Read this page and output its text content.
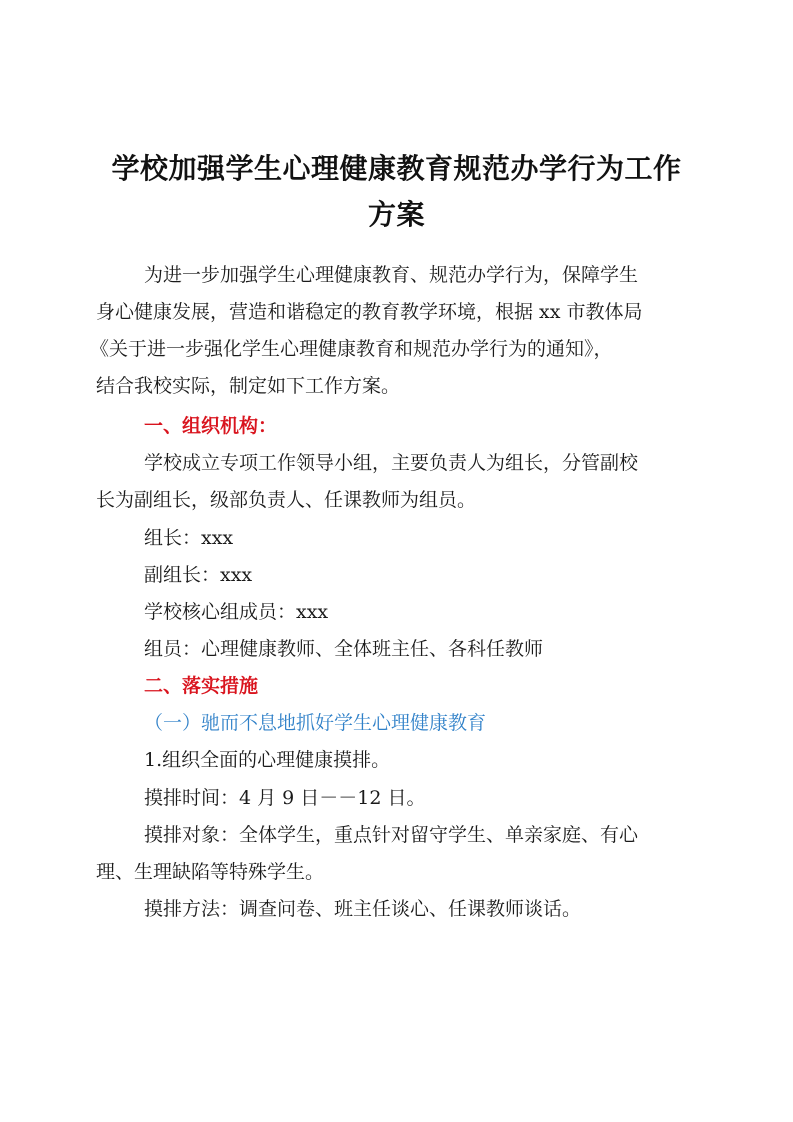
学校加强学生心理健康教育规范办学行为工作
方案

为进一步加强学生心理健康教育、规范办学行为，保障学生

身心健康发展，营造和谐稳定的教育教学环境，根据 xx 市教体局

《关于进一步强化学生心理健康教育和规范办学行为的通知》，

结合我校实际，制定如下工作方案。

一、组织机构：

学校成立专项工作领导小组，主要负责人为组长，分管副校

长为副组长，级部负责人、任课教师为组员。

组长：xxx

副组长：xxx

学校核心组成员：xxx

组员：心理健康教师、全体班主任、各科任教师

二、落实措施

（一）驰而不息地抓好学生心理健康教育

1.组织全面的心理健康摸排。

摸排时间：4 月 9 日－－12 日。

摸排对象：全体学生，重点针对留守学生、单亲家庭、有心

理、生理缺陷等特殊学生。

摸排方法：调查问卷、班主任谈心、任课教师谈话。
